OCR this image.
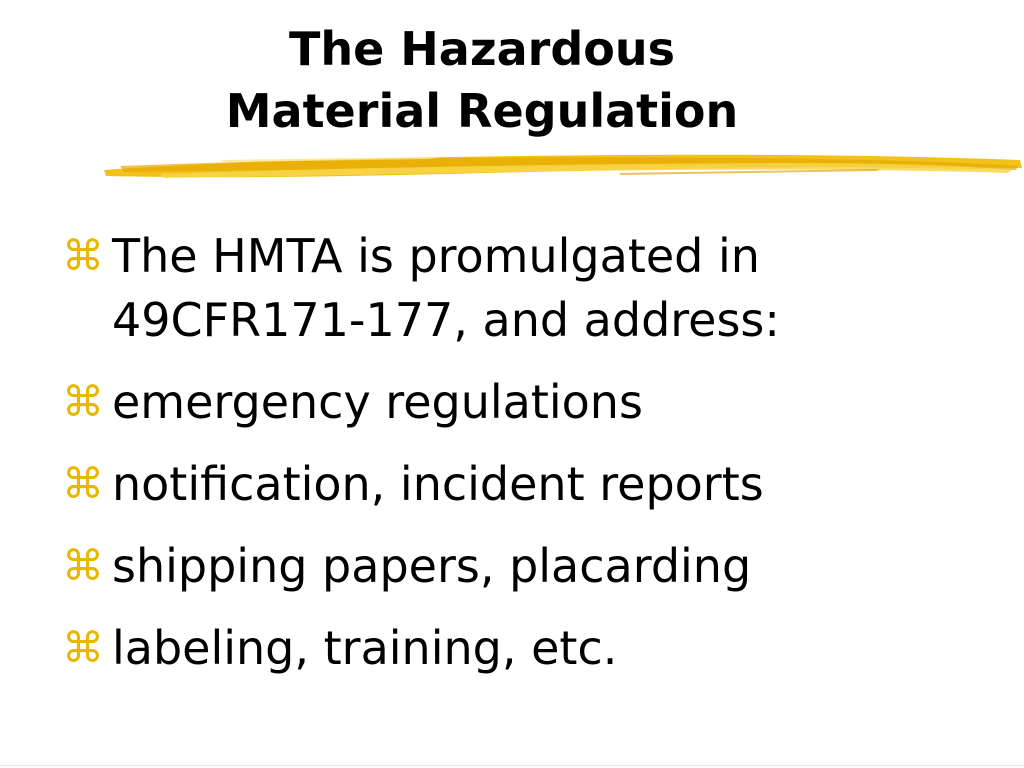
The Hazardous
Material Regulation
⌘ The HMTA is promulgated in 49CFR171-177, and address:
⌘ emergency regulations
⌘ notification, incident reports
⌘ shipping papers, placarding
⌘ labeling, training, etc.
